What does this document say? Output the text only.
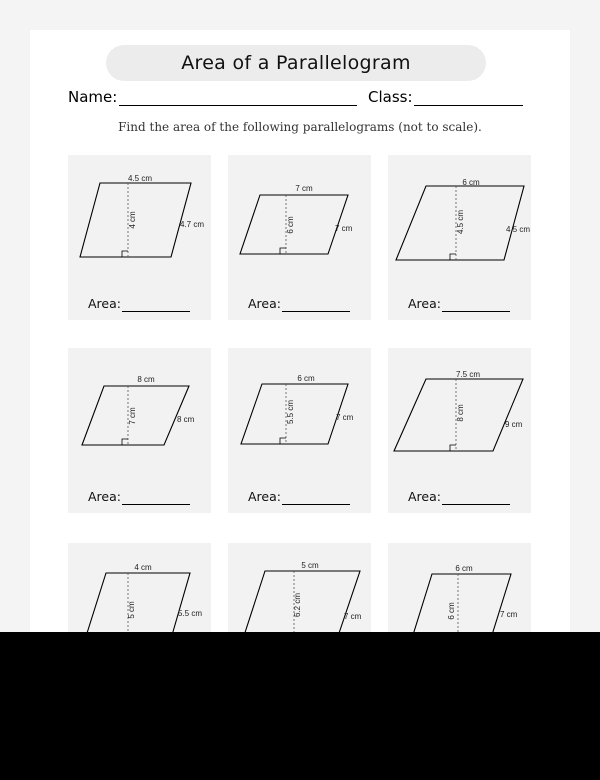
Area of a Parallelogram
Name:	Class:
Find the area of the following parallelograms (not to scale).
4.5 cm
4 cm	4.7 cm
Area:
7 cm
6 cm	7 cm
Area:
6 cm
4.5 cm	4.5 cm
Area:
8 cm
7 cm	8 cm
Area:
6 cm
5.5 cm	7 cm
Area:
7.5 cm
8 cm
9 cm
Area:
4 cm
5 cm	5.5 cm
5 cm
6.2 cm	7 cm
6 cm
6 cm	7 cm
